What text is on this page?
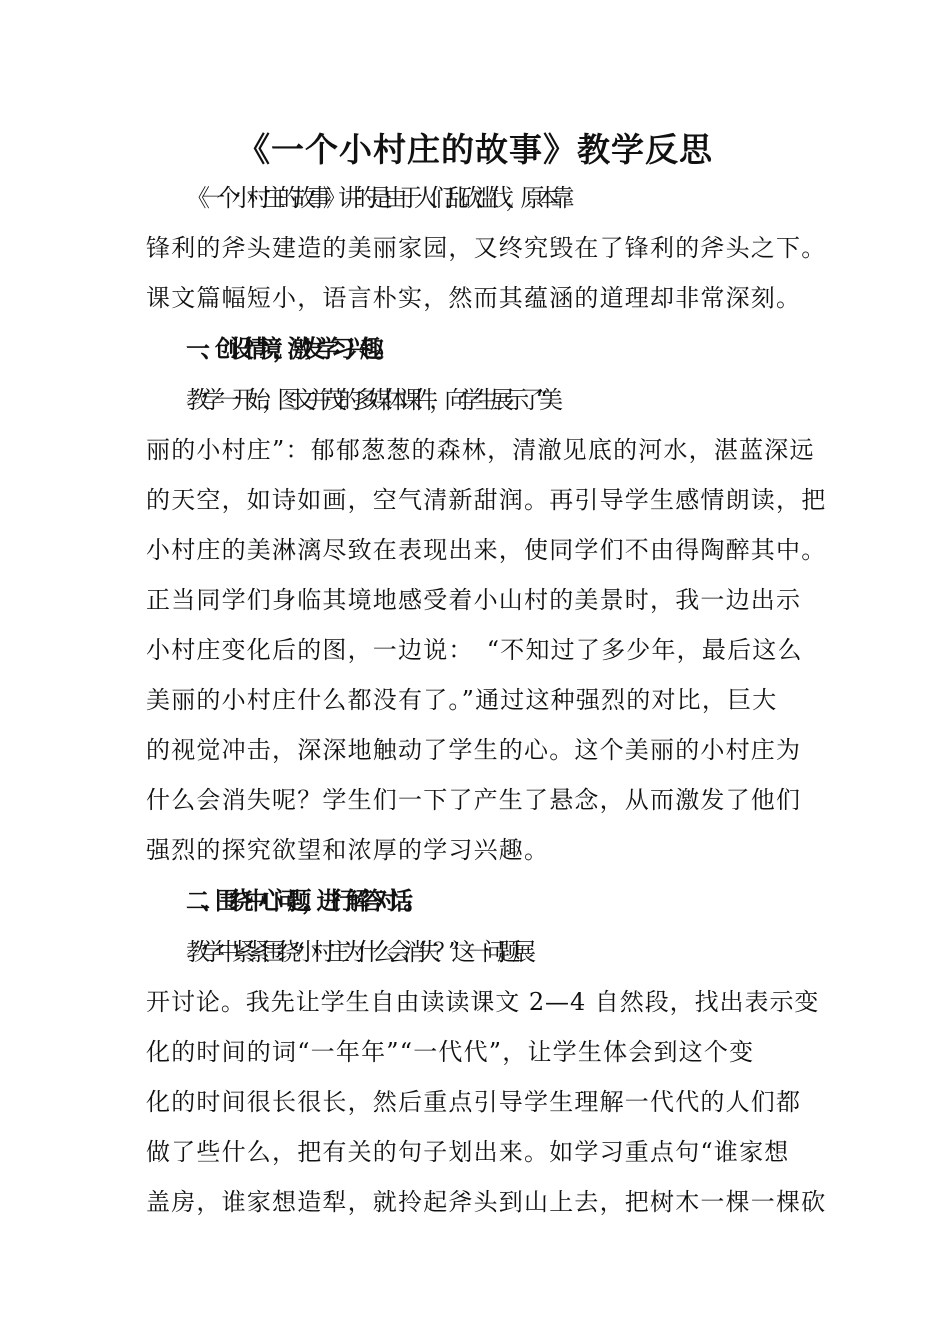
《一个小村庄的故事》教学反思

《一个小村庄的故事》讲的是由于人们乱砍滥伐，原本靠

锋利的斧头建造的美丽家园，又终究毁在了锋利的斧头之下。

课文篇幅短小，语言朴实，然而其蕴涵的道理却非常深刻。

一、创设情境，激发学习兴趣。

教学一开始，图文并茂的多媒体课件，向学生展示了“美

丽的小村庄”：郁郁葱葱的森林，清澈见底的河水，湛蓝深远

的天空，如诗如画，空气清新甜润。再引导学生感情朗读，把

小村庄的美淋漓尽致在表现出来，使同学们不由得陶醉其中。

正当同学们身临其境地感受着小山村的美景时，我一边出示

小村庄变化后的图，一边说：　“不知过了多少年，最后这么

美丽的小村庄什么都没有了。”通过这种强烈的对比，巨大

的视觉冲击，深深地触动了学生的心。这个美丽的小村庄为

什么会消失呢？学生们一下了产生了悬念，从而激发了他们

强烈的探究欲望和浓厚的学习兴趣。

二、围绕中心问题，进行解答对话。

教学中紧紧围绕“小村庄为什么会消失？”这一问题展

开讨论。我先让学生自由读读课文 2—4 自然段，找出表示变

化的时间的词“一年年”“一代代”，让学生体会到这个变

化的时间很长很长，然后重点引导学生理解一代代的人们都

做了些什么，把有关的句子划出来。如学习重点句“谁家想

盖房，谁家想造犁，就拎起斧头到山上去，把树木一棵一棵砍
